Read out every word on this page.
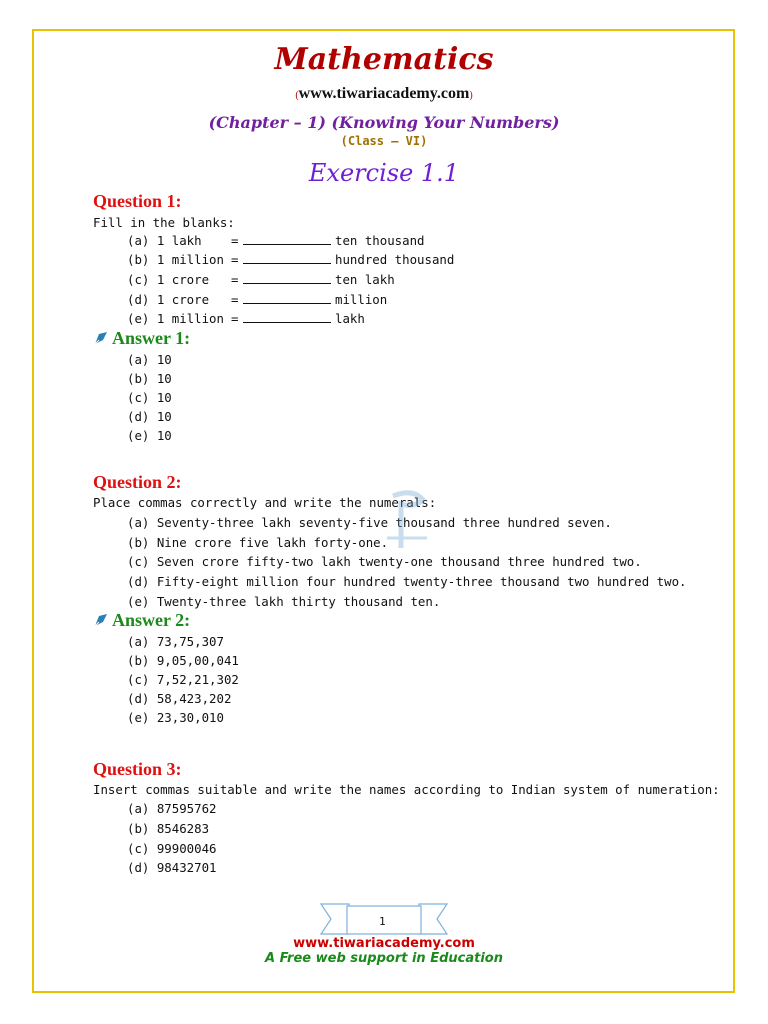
Mathematics
(www.tiwariacademy.com)
(Chapter – 1) (Knowing Your Numbers)
(Class – VI)
Exercise 1.1
Question 1:
Fill in the blanks:
(a) 1 lakh =	ten thousand
(b) 1 million =	hundred thousand
(c) 1 crore =	ten lakh
(d) 1 crore =	million
(e) 1 million =	lakh
Answer 1:
(a) 10
(b) 10
(c) 10
(d) 10
(e) 10
Question 2:
Place commas correctly and write the numerals:
(a) Seventy-three lakh seventy-five thousand three hundred seven.
(b) Nine crore five lakh forty-one.
(c) Seven crore fifty-two lakh twenty-one thousand three hundred two.
(d) Fifty-eight million four hundred twenty-three thousand two hundred two.
(e) Twenty-three lakh thirty thousand ten.
Answer 2:
(a) 73,75,307
(b) 9,05,00,041
(c) 7,52,21,302
(d) 58,423,202
(e) 23,30,010
Question 3:
Insert commas suitable and write the names according to Indian system of numeration:
(a) 87595762
(b) 8546283
(c) 99900046
(d) 98432701
1
www.tiwariacademy.com
A Free web support in Education
